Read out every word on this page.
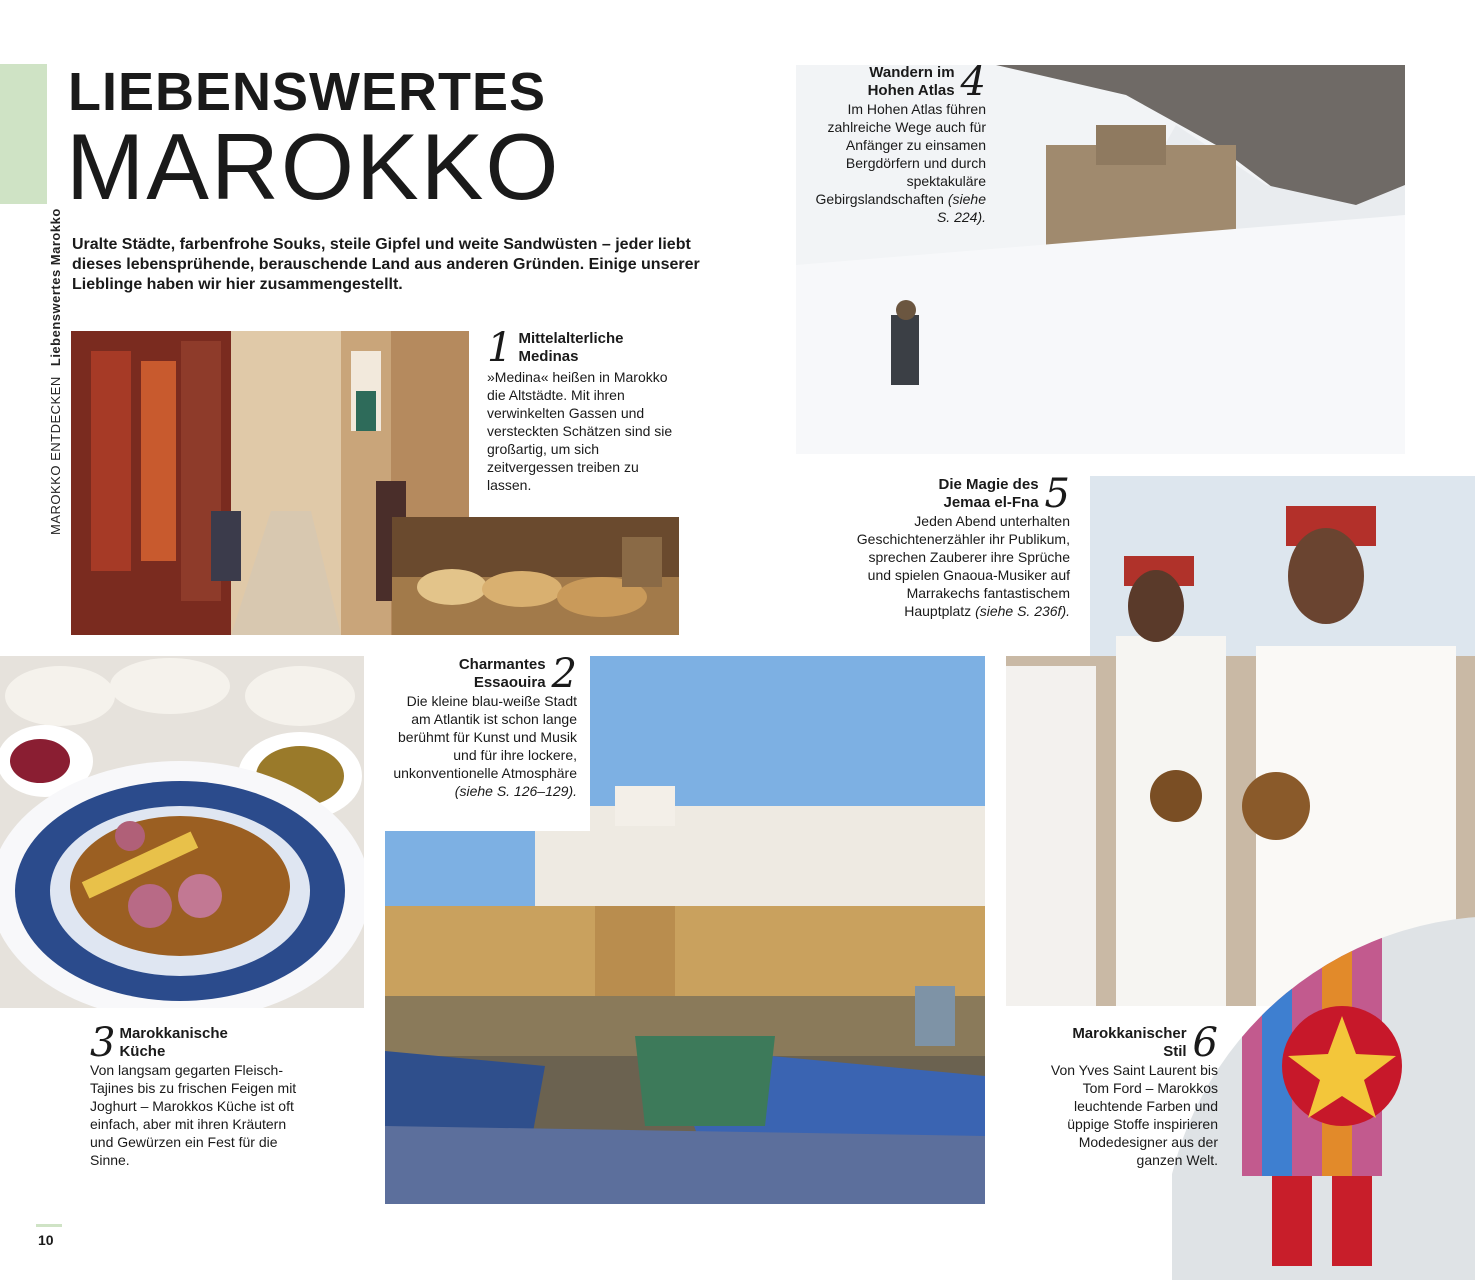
MAROKKO ENTDECKEN Liebenswertes Marokko
LIEBENSWERTES
MAROKKO
Uralte Städte, farbenfrohe Souks, steile Gipfel und weite Sandwüsten – jeder liebt dieses lebensprühende, berauschende Land aus anderen Gründen. Einige unserer Lieblinge haben wir hier zusammengestellt.
1 Mittelalterliche
Medinas
»Medina« heißen in Marokko die Altstädte. Mit ihren verwinkelten Gassen und versteckten Schätzen sind sie großartig, um sich zeitvergessen treiben zu lassen.
Wandern im
Hohen Atlas 4
Im Hohen Atlas führen zahlreiche Wege auch für Anfänger zu einsamen Bergdörfern und durch spektakuläre Gebirgslandschaften (siehe S. 224).
Die Magie des
Jemaa el-Fna 5
Jeden Abend unterhalten Geschichtenerzähler ihr Publikum, sprechen Zauberer ihre Sprüche und spielen Gnaoua-Musiker auf Marrakechs fantastischem Hauptplatz (siehe S. 236f).
3 Marokkanische
Küche
Von langsam gegarten Fleisch-Tajines bis zu frischen Feigen mit Joghurt – Marokkos Küche ist oft einfach, aber mit ihren Kräutern und Gewürzen ein Fest für die Sinne.
Charmantes
Essaouira 2
Die kleine blau-weiße Stadt am Atlantik ist schon lange berühmt für Kunst und Musik und für ihre lockere, unkonventionelle Atmosphäre (siehe S. 126–129).
Marokkanischer
Stil 6
Von Yves Saint Laurent bis Tom Ford – Marokkos leuchtende Farben und üppige Stoffe inspirieren Modedesigner aus der ganzen Welt.
10
